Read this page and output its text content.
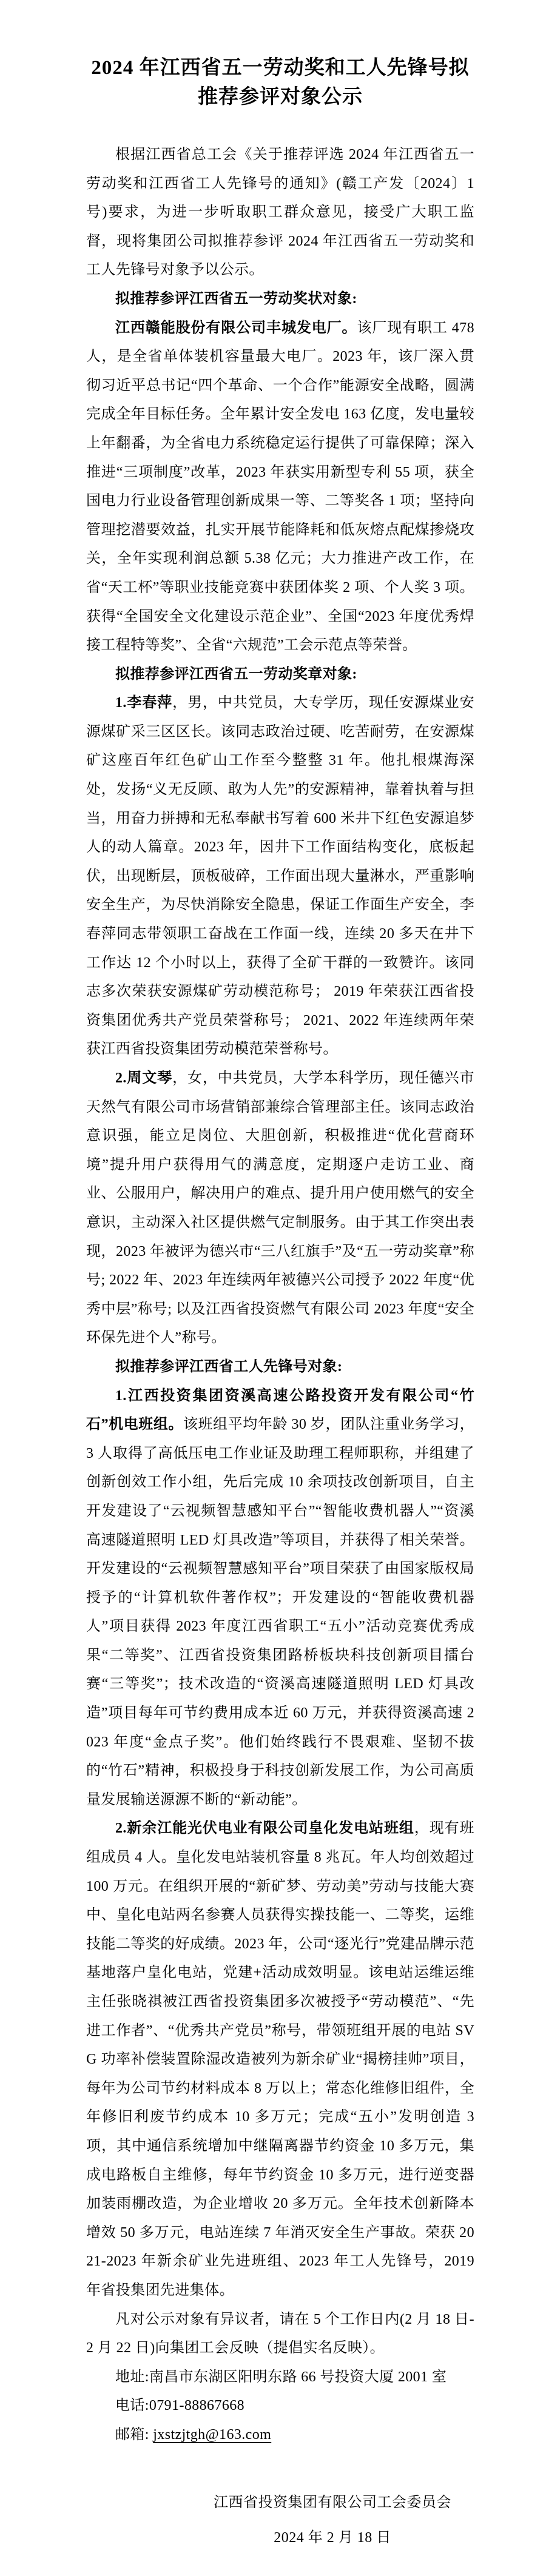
2024 年江西省五一劳动奖和工人先锋号拟
推荐参评对象公示

根据江西省总工会《关于推荐评选 2024 年江西省五一劳动奖和江西省工人先锋号的通知》(赣工产发〔2024〕1 号)要求，为进一步听取职工群众意见，接受广大职工监督，现将集团公司拟推荐参评 2024 年江西省五一劳动奖和工人先锋号对象予以公示。

拟推荐参评江西省五一劳动奖状对象:

江西赣能股份有限公司丰城发电厂。该厂现有职工 478 人，是全省单体装机容量最大电厂。2023 年，该厂深入贯彻习近平总书记“四个革命、一个合作”能源安全战略，圆满完成全年目标任务。全年累计安全发电 163 亿度，发电量较上年翻番，为全省电力系统稳定运行提供了可靠保障；深入推进“三项制度”改革，2023 年获实用新型专利 55 项，获全国电力行业设备管理创新成果一等、二等奖各 1 项；坚持向管理挖潜要效益，扎实开展节能降耗和低灰熔点配煤掺烧攻关，全年实现利润总额 5.38 亿元；大力推进产改工作，在省“天工杯”等职业技能竞赛中获团体奖 2 项、个人奖 3 项。获得“全国安全文化建设示范企业”、全国“2023 年度优秀焊接工程特等奖”、全省“六规范”工会示范点等荣誉。

拟推荐参评江西省五一劳动奖章对象:

1.李春萍，男，中共党员，大专学历，现任安源煤业安源煤矿采三区区长。该同志政治过硬、吃苦耐劳，在安源煤矿这座百年红色矿山工作至今整整 31 年。他扎根煤海深处，发扬“义无反顾、敢为人先”的安源精神，靠着执着与担当，用奋力拼搏和无私奉献书写着 600 米井下红色安源追梦人的动人篇章。2023 年，因井下工作面结构变化，底板起伏，出现断层，顶板破碎，工作面出现大量淋水，严重影响安全生产，为尽快消除安全隐患，保证工作面生产安全，李春萍同志带领职工奋战在工作面一线，连续 20 多天在井下工作达 12 个小时以上，获得了全矿干群的一致赞许。该同志多次荣获安源煤矿劳动模范称号； 2019 年荣获江西省投资集团优秀共产党员荣誉称号； 2021、2022 年连续两年荣获江西省投资集团劳动模范荣誉称号。

2.周文琴，女，中共党员，大学本科学历，现任德兴市天然气有限公司市场营销部兼综合管理部主任。该同志政治意识强，能立足岗位、大胆创新，积极推进“优化营商环境”提升用户获得用气的满意度，定期逐户走访工业、商业、公服用户，解决用户的难点、提升用户使用燃气的安全意识，主动深入社区提供燃气定制服务。由于其工作突出表现，2023 年被评为德兴市“三八红旗手”及“五一劳动奖章”称号; 2022 年、2023 年连续两年被德兴公司授予 2022 年度“优秀中层”称号; 以及江西省投资燃气有限公司 2023 年度“安全环保先进个人”称号。

拟推荐参评江西省工人先锋号对象:

1.江西投资集团资溪高速公路投资开发有限公司“竹石”机电班组。该班组平均年龄 30 岁，团队注重业务学习，3 人取得了高低压电工作业证及助理工程师职称，并组建了创新创效工作小组，先后完成 10 余项技改创新项目，自主开发建设了“云视频智慧感知平台”“智能收费机器人”“资溪高速隧道照明 LED 灯具改造”等项目，并获得了相关荣誉。开发建设的“云视频智慧感知平台”项目荣获了由国家版权局授予的“计算机软件著作权”；开发建设的“智能收费机器人”项目获得 2023 年度江西省职工“五小”活动竞赛优秀成果“二等奖”、江西省投资集团路桥板块科技创新项目擂台赛“三等奖”；技术改造的“资溪高速隧道照明 LED 灯具改造”项目每年可节约费用成本近 60 万元，并获得资溪高速 2023 年度“金点子奖”。他们始终践行不畏艰难、坚韧不拔的“竹石”精神，积极投身于科技创新发展工作，为公司高质量发展输送源源不断的“新动能”。

2.新余江能光伏电业有限公司皇化发电站班组，现有班组成员 4 人。皇化发电站装机容量 8 兆瓦。年人均创效超过 100 万元。在组织开展的“新矿梦、劳动美”劳动与技能大赛中、皇化电站两名参赛人员获得实操技能一、二等奖，运维技能二等奖的好成绩。2023 年，公司“逐光行”党建品牌示范基地落户皇化电站，党建+活动成效明显。该电站运维运维主任张晓祺被江西省投资集团多次被授予“劳动模范”、“先进工作者”、“优秀共产党员”称号，带领班组开展的电站 SVG 功率补偿装置除湿改造被列为新余矿业“揭榜挂帅”项目，每年为公司节约材料成本 8 万以上；常态化维修旧组件，全年修旧利废节约成本 10 多万元；完成“五小”发明创造 3 项，其中通信系统增加中继隔离器节约资金 10 多万元，集成电路板自主维修，每年节约资金 10 多万元，进行逆变器加装雨棚改造，为企业增收 20 多万元。全年技术创新降本增效 50 多万元，电站连续 7 年消灭安全生产事故。荣获 2021-2023 年新余矿业先进班组、2023 年工人先锋号，2019 年省投集团先进集体。

凡对公示对象有异议者，请在 5 个工作日内(2 月 18 日-2 月 22 日)向集团工会反映（提倡实名反映）。

地址:南昌市东湖区阳明东路 66 号投资大厦 2001 室

电话:0791-88867668

邮箱: jxstzjtgh@163.com

江西省投资集团有限公司工会委员会
2024 年 2 月 18 日
